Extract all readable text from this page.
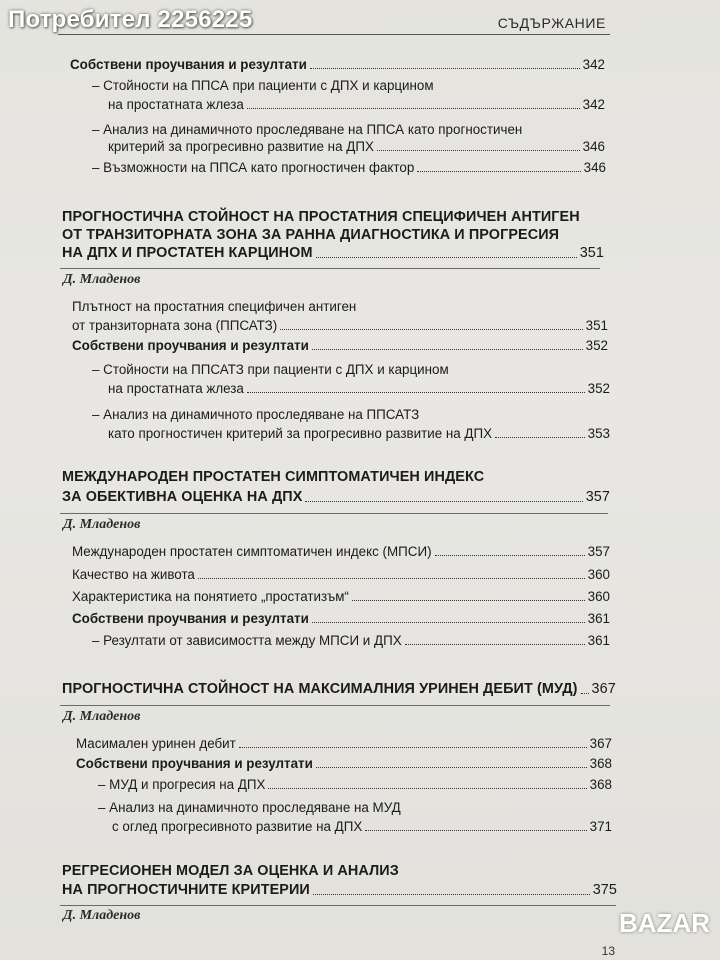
Потребител 2256225	СЪДЪРЖАНИЕ
Собствени проучвания и резултати	342
– Стойности на ППСА при пациенти с ДПХ и карцином
на простатната жлеза	342
– Анализ на динамичното проследяване на ППСА като прогностичен
критерий за прогресивно развитие на ДПХ	346
– Възможности на ППСА като прогностичен фактор	346
ПРОГНОСТИЧНА СТОЙНОСТ НА ПРОСТАТНИЯ СПЕЦИФИЧЕН АНТИГЕН
ОТ ТРАНЗИТОРНАТА ЗОНА ЗА РАННА ДИАГНОСТИКА И ПРОГРЕСИЯ
НА ДПХ И ПРОСТАТЕН КАРЦИНОМ	351
Д. Младенов
Плътност на простатния специфичен антиген
от транзиторната зона (ППСАТЗ)	351
Собствени проучвания и резултати	352
– Стойности на ППСАТЗ при пациенти с ДПХ и карцином
на простатната жлеза	352
– Анализ на динамичното проследяване на ППСАТЗ
като прогностичен критерий за прогресивно развитие на ДПХ	353
МЕЖДУНАРОДЕН ПРОСТАТЕН СИМПТОМАТИЧЕН ИНДЕКС
ЗА ОБЕКТИВНА ОЦЕНКА НА ДПХ	357
Д. Младенов
Международен простатен симптоматичен индекс (МПСИ)	357
Качество на живота	360
Характеристика на понятието „простатизъм“	360
Собствени проучвания и резултати	361
– Резултати от зависимостта между МПСИ и ДПХ	361
ПРОГНОСТИЧНА СТОЙНОСТ НА МАКСИМАЛНИЯ УРИНЕН ДЕБИТ (МУД) 367
Д. Младенов
Масимален уринен дебит	367
Собствени проучвания и резултати	368
– МУД и прогресия на ДПХ	368
– Анализ на динамичното проследяване на МУД
с оглед прогресивното развитие на ДПХ	371
РЕГРЕСИОНЕН МОДЕЛ ЗА ОЦЕНКА И АНАЛИЗ
НА ПРОГНОСТИЧНИТЕ КРИТЕРИИ	375
Д. Младенов
13
BAZAR
